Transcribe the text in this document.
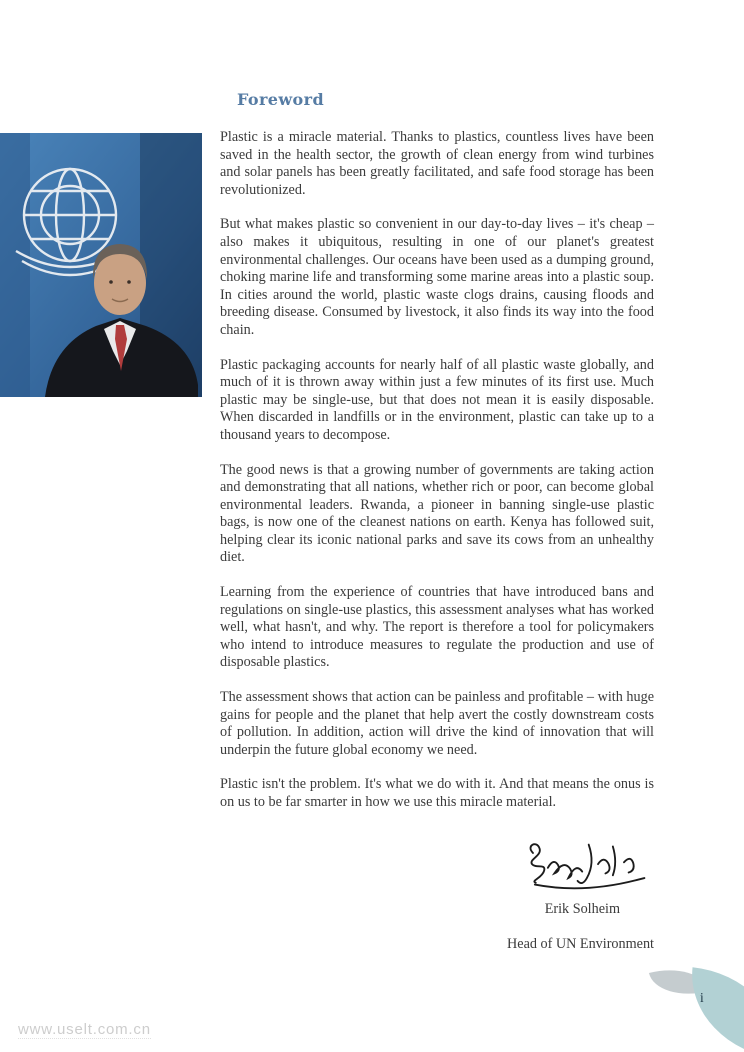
Foreword

Plastic is a miracle material. Thanks to plastics, countless lives have been saved in the health sector, the growth of clean energy from wind turbines and solar panels has been greatly facilitated, and safe food storage has been revolutionized.

But what makes plastic so convenient in our day-to-day lives – it's cheap – also makes it ubiquitous, resulting in one of our planet's greatest environmental challenges. Our oceans have been used as a dumping ground, choking marine life and transforming some marine areas into a plastic soup. In cities around the world, plastic waste clogs drains, causing floods and breeding disease. Consumed by livestock, it also finds its way into the food chain.

Plastic packaging accounts for nearly half of all plastic waste globally, and much of it is thrown away within just a few minutes of its first use. Much plastic may be single-use, but that does not mean it is easily disposable. When discarded in landfills or in the environment, plastic can take up to a thousand years to decompose.

The good news is that a growing number of governments are taking action and demonstrating that all nations, whether rich or poor, can become global environmental leaders. Rwanda, a pioneer in banning single-use plastic bags, is now one of the cleanest nations on earth. Kenya has followed suit, helping clear its iconic national parks and save its cows from an unhealthy diet.

Learning from the experience of countries that have introduced bans and regulations on single-use plastics, this assessment analyses what has worked well, what hasn't, and why. The report is therefore a tool for policymakers who intend to introduce measures to regulate the production and use of disposable plastics.

The assessment shows that action can be painless and profitable – with huge gains for people and the planet that help avert the costly downstream costs of pollution. In addition, action will drive the kind of innovation that will underpin the future global economy we need.

Plastic isn't the problem. It's what we do with it. And that means the onus is on us to be far smarter in how we use this miracle material.

Erik Solheim
Head of UN Environment
i
www.uselt.com.cn
